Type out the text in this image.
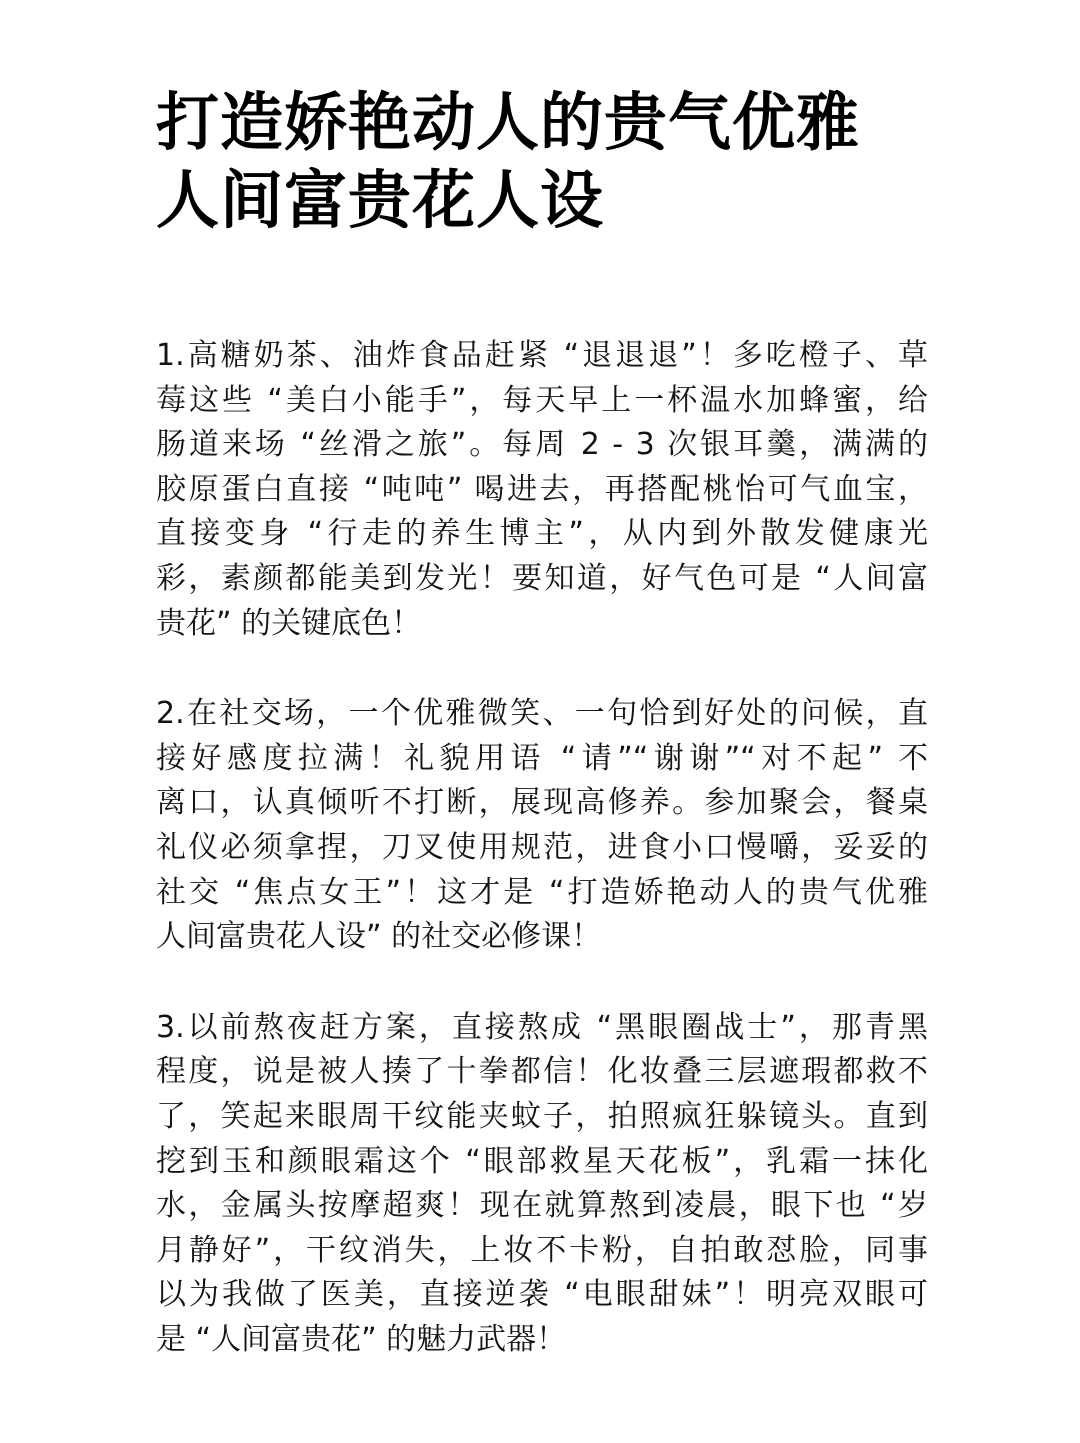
打造娇艳动人的贵气优雅
人间富贵花人设

1.高糖奶茶、油炸食品赶紧 “退退退”！多吃橙子、草
莓这些 “美白小能手”，每天早上一杯温水加蜂蜜，给
肠道来场 “丝滑之旅”。每周 2 - 3 次银耳羹，满满的
胶原蛋白直接 “吨吨” 喝进去，再搭配桃怡可气血宝，
直接变身 “行走的养生博主”，从内到外散发健康光
彩，素颜都能美到发光！要知道，好气色可是 “人间富
贵花” 的关键底色！

2.在社交场，一个优雅微笑、一句恰到好处的问候，直
接好感度拉满！礼貌用语 “请”“谢谢”“对不起” 不
离口，认真倾听不打断，展现高修养。参加聚会，餐桌
礼仪必须拿捏，刀叉使用规范，进食小口慢嚼，妥妥的
社交 “焦点女王”！这才是 “打造娇艳动人的贵气优雅
人间富贵花人设” 的社交必修课！

3.以前熬夜赶方案，直接熬成 “黑眼圈战士”，那青黑
程度，说是被人揍了十拳都信！化妆叠三层遮瑕都救不
了，笑起来眼周干纹能夹蚊子，拍照疯狂躲镜头。直到
挖到玉和颜眼霜这个 “眼部救星天花板”，乳霜一抹化
水，金属头按摩超爽！现在就算熬到凌晨，眼下也 “岁
月静好”，干纹消失，上妆不卡粉，自拍敢怼脸，同事
以为我做了医美，直接逆袭 “电眼甜妹”！明亮双眼可
是 “人间富贵花” 的魅力武器！
